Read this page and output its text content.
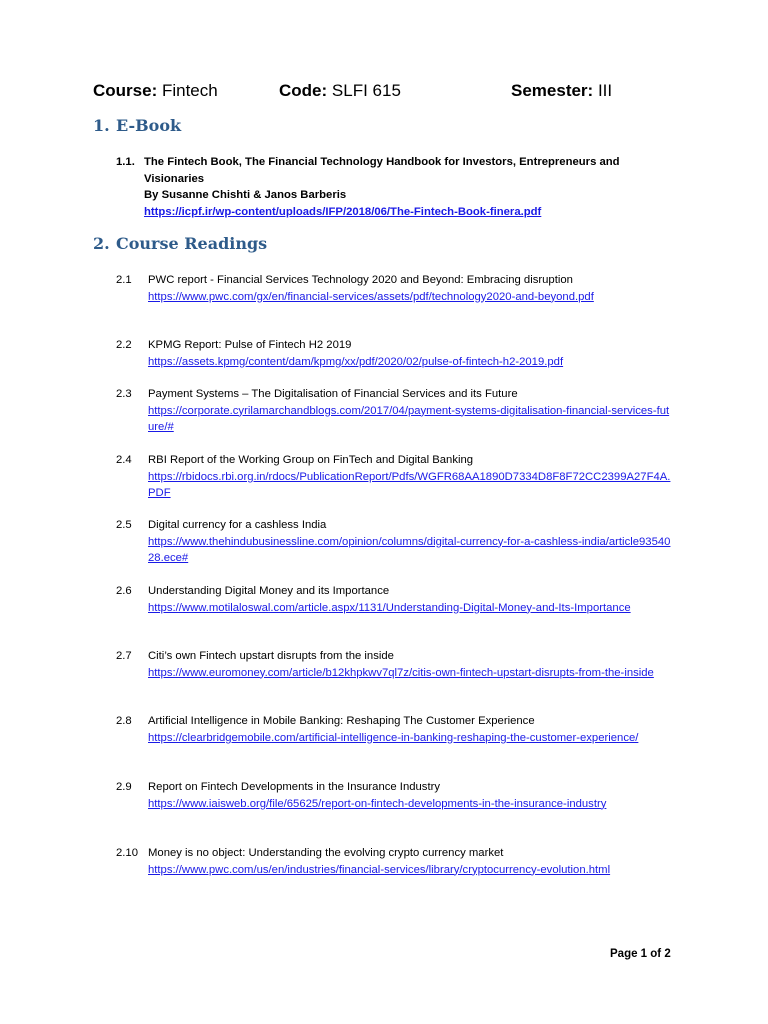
Course: Fintech	Code: SLFI 615	Semester: III
1. E-Book
1.1. The Fintech Book, The Financial Technology Handbook for Investors, Entrepreneurs and Visionaries
By Susanne Chishti & Janos Barberis
https://icpf.ir/wp-content/uploads/IFP/2018/06/The-Fintech-Book-finera.pdf
2. Course Readings
2.1 PWC report - Financial Services Technology 2020 and Beyond: Embracing disruption
https://www.pwc.com/gx/en/financial-services/assets/pdf/technology2020-and-beyond.pdf
2.2 KPMG Report: Pulse of Fintech H2 2019
https://assets.kpmg/content/dam/kpmg/xx/pdf/2020/02/pulse-of-fintech-h2-2019.pdf
2.3 Payment Systems – The Digitalisation of Financial Services and its Future
https://corporate.cyrilamarchandblogs.com/2017/04/payment-systems-digitalisation-financial-services-future/#
2.4 RBI Report of the Working Group on FinTech and Digital Banking
https://rbidocs.rbi.org.in/rdocs/PublicationReport/Pdfs/WGFR68AA1890D7334D8F8F72CC2399A27F4A.PDF
2.5 Digital currency for a cashless India
https://www.thehindubusinessline.com/opinion/columns/digital-currency-for-a-cashless-india/article9354028.ece#
2.6 Understanding Digital Money and its Importance
https://www.motilaloswal.com/article.aspx/1131/Understanding-Digital-Money-and-Its-Importance
2.7 Citi’s own Fintech upstart disrupts from the inside
https://www.euromoney.com/article/b12khpkwv7ql7z/citis-own-fintech-upstart-disrupts-from-the-inside
2.8 Artificial Intelligence in Mobile Banking: Reshaping The Customer Experience
https://clearbridgemobile.com/artificial-intelligence-in-banking-reshaping-the-customer-experience/
2.9 Report on Fintech Developments in the Insurance Industry
https://www.iaisweb.org/file/65625/report-on-fintech-developments-in-the-insurance-industry
2.10 Money is no object: Understanding the evolving crypto currency market
https://www.pwc.com/us/en/industries/financial-services/library/cryptocurrency-evolution.html
Page 1 of 2
